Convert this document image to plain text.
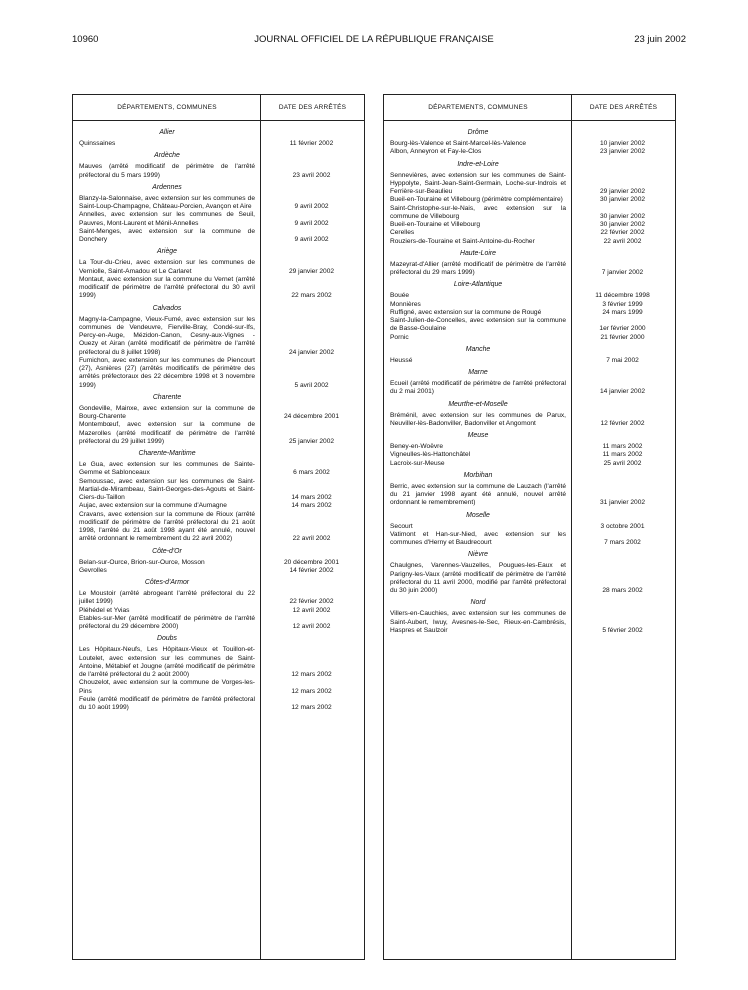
10960	JOURNAL OFFICIEL DE LA RÉPUBLIQUE FRANÇAISE	23 juin 2002
DÉPARTEMENTS, COMMUNES	DATE DES ARRÊTÉS
Allier
Quinssaines	11 février 2002
Ardèche
Mauves (arrêté modificatif de périmètre de l'arrêté préfectoral du 5 mars 1999)	23 avril 2002
Ardennes
Blanzy-la-Salonnaise, avec extension sur les communes de Saint-Loup-Champagne, Château-Porcien, Avançon et Aire	9 avril 2002
Annelles, avec extension sur les communes de Seuil, Pauvres, Mont-Laurent et Ménil-Annelles	9 avril 2002
Saint-Menges, avec extension sur la commune de Donchery	9 avril 2002
Ariège
La Tour-du-Crieu, avec extension sur les communes de Verniolle, Saint-Amadou et Le Carlaret	29 janvier 2002
Montaut, avec extension sur la commune du Vernet (arrêté modificatif de périmètre de l'arrêté préfectoral du 30 avril 1999)	22 mars 2002
Calvados
Magny-la-Campagne, Vieux-Fumé, avec extension sur les communes de Vendeuvre, Fierville-Bray, Condé-sur-Ifs, Percy-en-Auge, Mézidon-Canon, Cesny-aux-Vignes - Ouezy et Airan (arrêté modificatif de périmètre de l'arrêté préfectoral du 8 juillet 1998)	24 janvier 2002
Fumichon, avec extension sur les communes de Piencourt (27), Asnières (27) (arrêtés modificatifs de périmètre des arrêtés préfectoraux des 22 décembre 1998 et 3 novembre 1999)	5 avril 2002
Charente
Gondeville, Mainxe, avec extension sur la commune de Bourg-Charente	24 décembre 2001
Montembœuf, avec extension sur la commune de Mazerolles (arrêté modificatif de périmètre de l'arrêté préfectoral du 29 juillet 1999)	25 janvier 2002
Charente-Maritime
Le Gua, avec extension sur les communes de Sainte-Gemme et Sablonceaux	6 mars 2002
Semoussac, avec extension sur les communes de Saint-Martial-de-Mirambeau, Saint-Georges-des-Agouts et Saint-Ciers-du-Taillon	14 mars 2002
Aujac, avec extension sur la commune d'Aumagne	14 mars 2002
Cravans, avec extension sur la commune de Rioux (arrêté modificatif de périmètre de l'arrêté préfectoral du 21 août 1998, l'arrêté du 21 août 1998 ayant été annulé, nouvel arrêté ordonnant le remembrement du 22 avril 2002)	22 avril 2002
Côte-d'Or
Belan-sur-Ource, Brion-sur-Ource, Mosson	20 décembre 2001
Gevrolles	14 février 2002
Côtes-d'Armor
Le Moustoir (arrêté abrogeant l'arrêté préfectoral du 22 juillet 1999)	22 février 2002
Pléhédel et Yvias	12 avril 2002
Etables-sur-Mer (arrêté modificatif de périmètre de l'arrêté préfectoral du 29 décembre 2000)	12 avril 2002
Doubs
Les Hôpitaux-Neufs, Les Hôpitaux-Vieux et Touillon-et-Loutelet, avec extension sur les communes de Saint-Antoine, Métabief et Jougne (arrêté modificatif de périmètre de l'arrêté préfectoral du 2 août 2000)	12 mars 2002
Chouzelot, avec extension sur la commune de Vorges-les-Pins	12 mars 2002
Feule (arrêté modificatif de périmètre de l'arrêté préfectoral du 10 août 1999)	12 mars 2002
DÉPARTEMENTS, COMMUNES	DATE DES ARRÊTÉS
Drôme
Bourg-lès-Valence et Saint-Marcel-lès-Valence	10 janvier 2002
Albon, Anneyron et Fay-le-Clos	23 janvier 2002
Indre-et-Loire
Sennevières, avec extension sur les communes de Saint-Hyppolyte, Saint-Jean-Saint-Germain, Loche-sur-Indrois et Ferrière-sur-Beaulieu	29 janvier 2002
Bueil-en-Touraine et Villebourg (périmètre complémentaire)	30 janvier 2002
Saint-Christophe-sur-le-Nais, avec extension sur la commune de Villebourg	30 janvier 2002
Bueil-en-Touraine et Villebourg	30 janvier 2002
Cerelles	22 février 2002
Rouziers-de-Touraine et Saint-Antoine-du-Rocher	22 avril 2002
Haute-Loire
Mazeyrat-d'Allier (arrêté modificatif de périmètre de l'arrêté préfectoral du 29 mars 1999)	7 janvier 2002
Loire-Atlantique
Bouée	11 décembre 1998
Monnières	3 février 1999
Ruffigné, avec extension sur la commune de Rougé	24 mars 1999
Saint-Julien-de-Concelles, avec extension sur la commune de Basse-Goulaine	1er février 2000
Pornic	21 février 2000
Manche
Heussé	7 mai 2002
Marne
Ecueil (arrêté modificatif de périmètre de l'arrêté préfectoral du 2 mai 2001)	14 janvier 2002
Meurthe-et-Moselle
Bréménil, avec extension sur les communes de Parux, Neuviller-lès-Badonviller, Badonviller et Angomont	12 février 2002
Meuse
Beney-en-Woëvre	11 mars 2002
Vigneulles-lès-Hattonchâtel	11 mars 2002
Lacroix-sur-Meuse	25 avril 2002
Morbihan
Berric, avec extension sur la commune de Lauzach (l'arrêté du 21 janvier 1998 ayant été annulé, nouvel arrêté ordonnant le remembrement)	31 janvier 2002
Moselle
Secourt	3 octobre 2001
Vatimont et Han-sur-Nied, avec extension sur les communes d'Herny et Baudrecourt	7 mars 2002
Nièvre
Chaulgnes, Varennes-Vauzelles, Pougues-les-Eaux et Parigny-les-Vaux (arrêté modificatif de périmètre de l'arrêté préfectoral du 11 avril 2000, modifié par l'arrêté préfectoral du 30 juin 2000)	28 mars 2002
Nord
Villers-en-Cauchies, avec extension sur les communes de Saint-Aubert, Iwuy, Avesnes-le-Sec, Rieux-en-Cambrésis, Haspres et Saulzoir	5 février 2002
